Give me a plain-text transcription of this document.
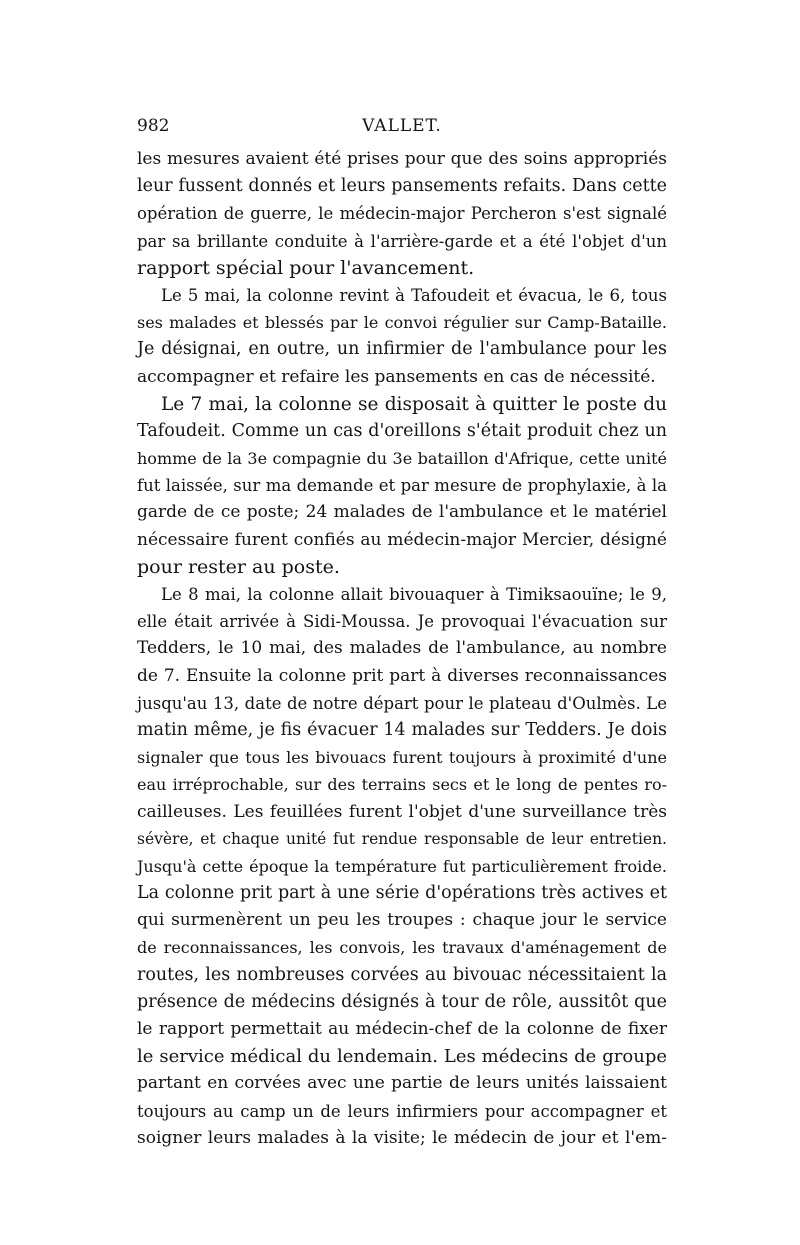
982	VALLET.
les mesures avaient été prises pour que des soins appropriés
leur fussent donnés et leurs pansements refaits. Dans cette
opération de guerre, le médecin-major Percheron s'est signalé
par sa brillante conduite à l'arrière-garde et a été l'objet d'un
rapport spécial pour l'avancement.
Le 5 mai, la colonne revint à Tafoudeit et évacua, le 6, tous
ses malades et blessés par le convoi régulier sur Camp-Bataille.
Je désignai, en outre, un infirmier de l'ambulance pour les
accompagner et refaire les pansements en cas de nécessité.
Le 7 mai, la colonne se disposait à quitter le poste du
Tafoudeit. Comme un cas d'oreillons s'était produit chez un
homme de la 3e compagnie du 3e bataillon d'Afrique, cette unité
fut laissée, sur ma demande et par mesure de prophylaxie, à la
garde de ce poste; 24 malades de l'ambulance et le matériel
nécessaire furent confiés au médecin-major Mercier, désigné
pour rester au poste.
Le 8 mai, la colonne allait bivouaquer à Timiksaouïne; le 9,
elle était arrivée à Sidi-Moussa. Je provoquai l'évacuation sur
Tedders, le 10 mai, des malades de l'ambulance, au nombre
de 7. Ensuite la colonne prit part à diverses reconnaissances
jusqu'au 13, date de notre départ pour le plateau d'Oulmès. Le
matin même, je fis évacuer 14 malades sur Tedders. Je dois
signaler que tous les bivouacs furent toujours à proximité d'une
eau irréprochable, sur des terrains secs et le long de pentes ro-
cailleuses. Les feuillées furent l'objet d'une surveillance très
sévère, et chaque unité fut rendue responsable de leur entretien.
Jusqu'à cette époque la température fut particulièrement froide.
La colonne prit part à une série d'opérations très actives et
qui surmenèrent un peu les troupes : chaque jour le service
de reconnaissances, les convois, les travaux d'aménagement de
routes, les nombreuses corvées au bivouac nécessitaient la
présence de médecins désignés à tour de rôle, aussitôt que
le rapport permettait au médecin-chef de la colonne de fixer
le service médical du lendemain. Les médecins de groupe
partant en corvées avec une partie de leurs unités laissaient
toujours au camp un de leurs infirmiers pour accompagner et
soigner leurs malades à la visite; le médecin de jour et l'em-
